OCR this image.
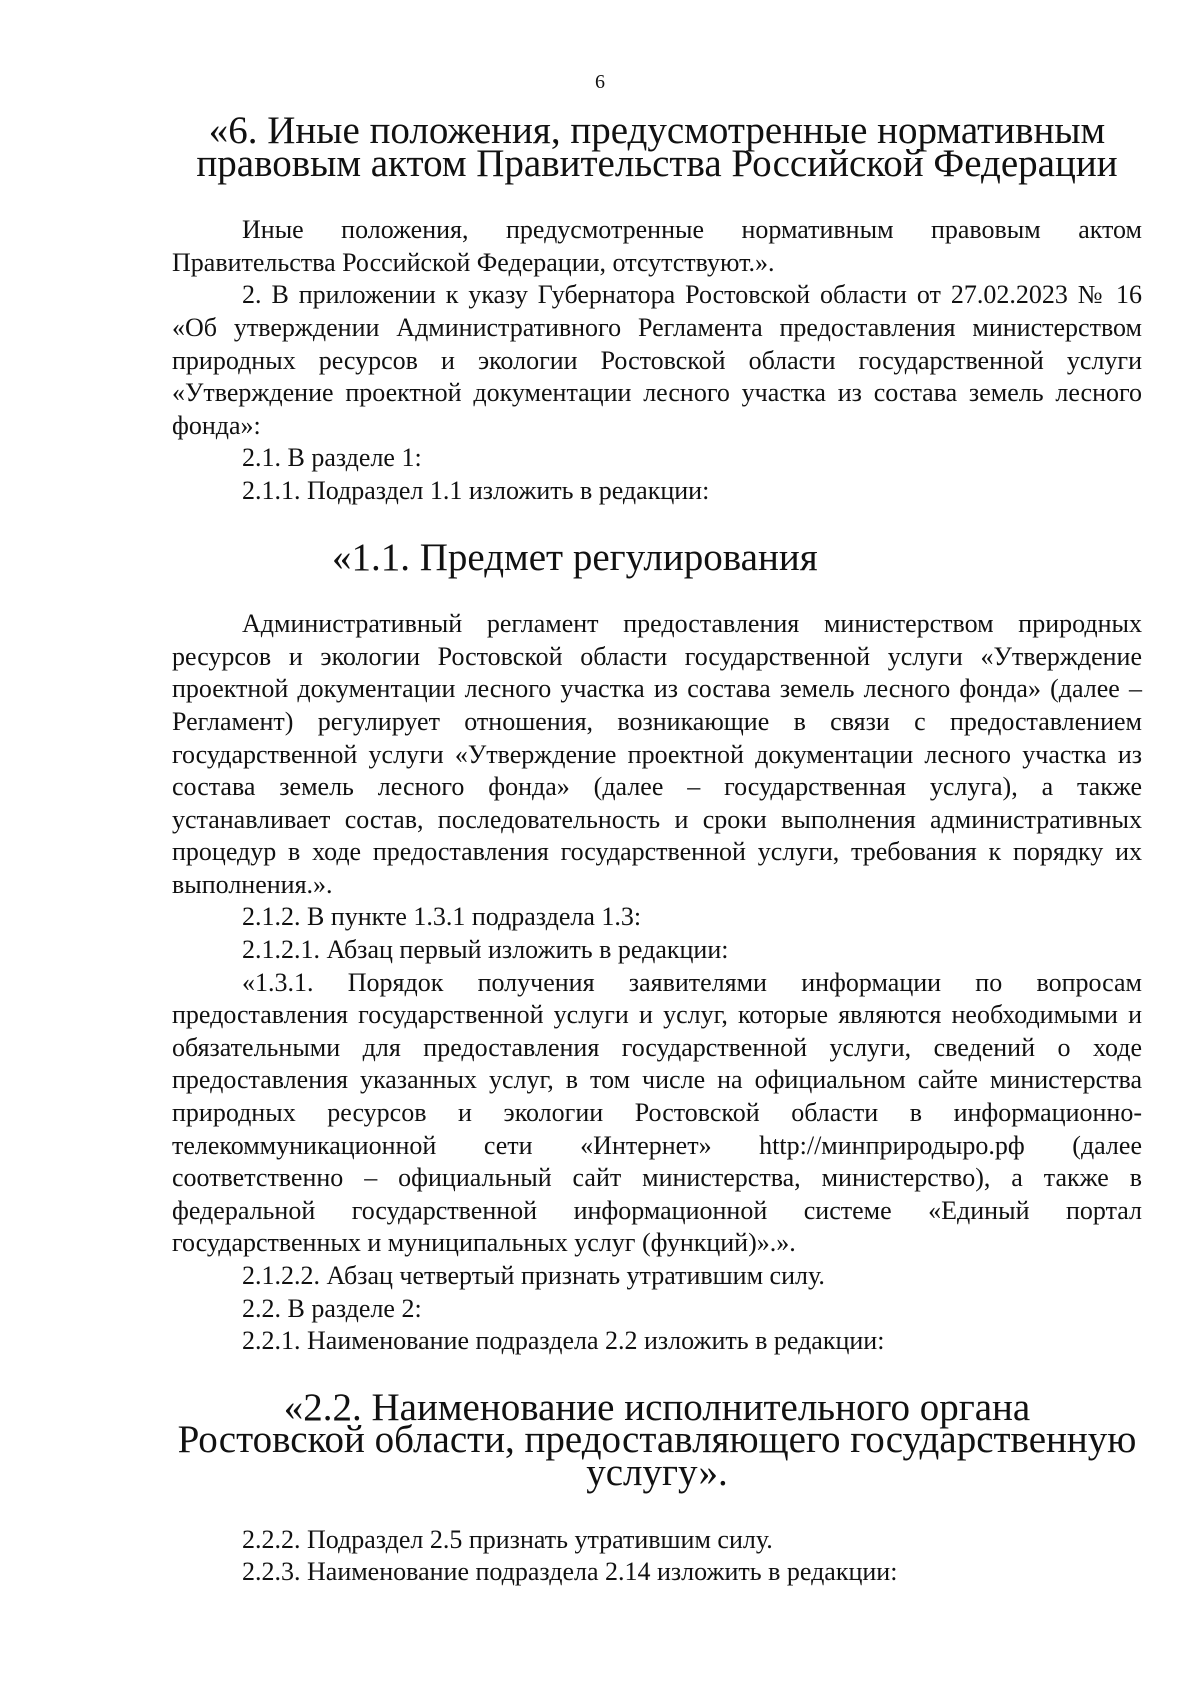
6
«6. Иные положения, предусмотренные нормативным
правовым актом Правительства Российской Федерации

Иные положения, предусмотренные нормативным правовым актом Правительства Российской Федерации, отсутствуют.».

2. В приложении к указу Губернатора Ростовской области от 27.02.2023 № 16 «Об утверждении Административного Регламента предоставления министерством природных ресурсов и экологии Ростовской области государственной услуги «Утверждение проектной документации лесного участка из состава земель лесного фонда»:

2.1. В разделе 1:

2.1.1. Подраздел 1.1 изложить в редакции:

«1.1. Предмет регулирования

Административный регламент предоставления министерством природных ресурсов и экологии Ростовской области государственной услуги «Утверждение проектной документации лесного участка из состава земель лесного фонда» (далее – Регламент) регулирует отношения, возникающие в связи с предоставлением государственной услуги «Утверждение проектной документации лесного участка из состава земель лесного фонда» (далее – государственная услуга), а также устанавливает состав, последовательность и сроки выполнения административных процедур в ходе предоставления государственной услуги, требования к порядку их выполнения.».

2.1.2. В пункте 1.3.1 подраздела 1.3:

2.1.2.1. Абзац первый изложить в редакции:

«1.3.1. Порядок получения заявителями информации по вопросам предоставления государственной услуги и услуг, которые являются необходимыми и обязательными для предоставления государственной услуги, сведений о ходе предоставления указанных услуг, в том числе на официальном сайте министерства природных ресурсов и экологии Ростовской области в информационно-телекоммуникационной сети «Интернет» http://минприродыро.рф (далее соответственно – официальный сайт министерства, министерство), а также в федеральной государственной информационной системе «Единый портал государственных и муниципальных услуг (функций)».».

2.1.2.2. Абзац четвертый признать утратившим силу.

2.2. В разделе 2:

2.2.1. Наименование подраздела 2.2 изложить в редакции:

«2.2. Наименование исполнительного органа
Ростовской области, предоставляющего государственную услугу».

2.2.2. Подраздел 2.5 признать утратившим силу.

2.2.3. Наименование подраздела 2.14 изложить в редакции:
